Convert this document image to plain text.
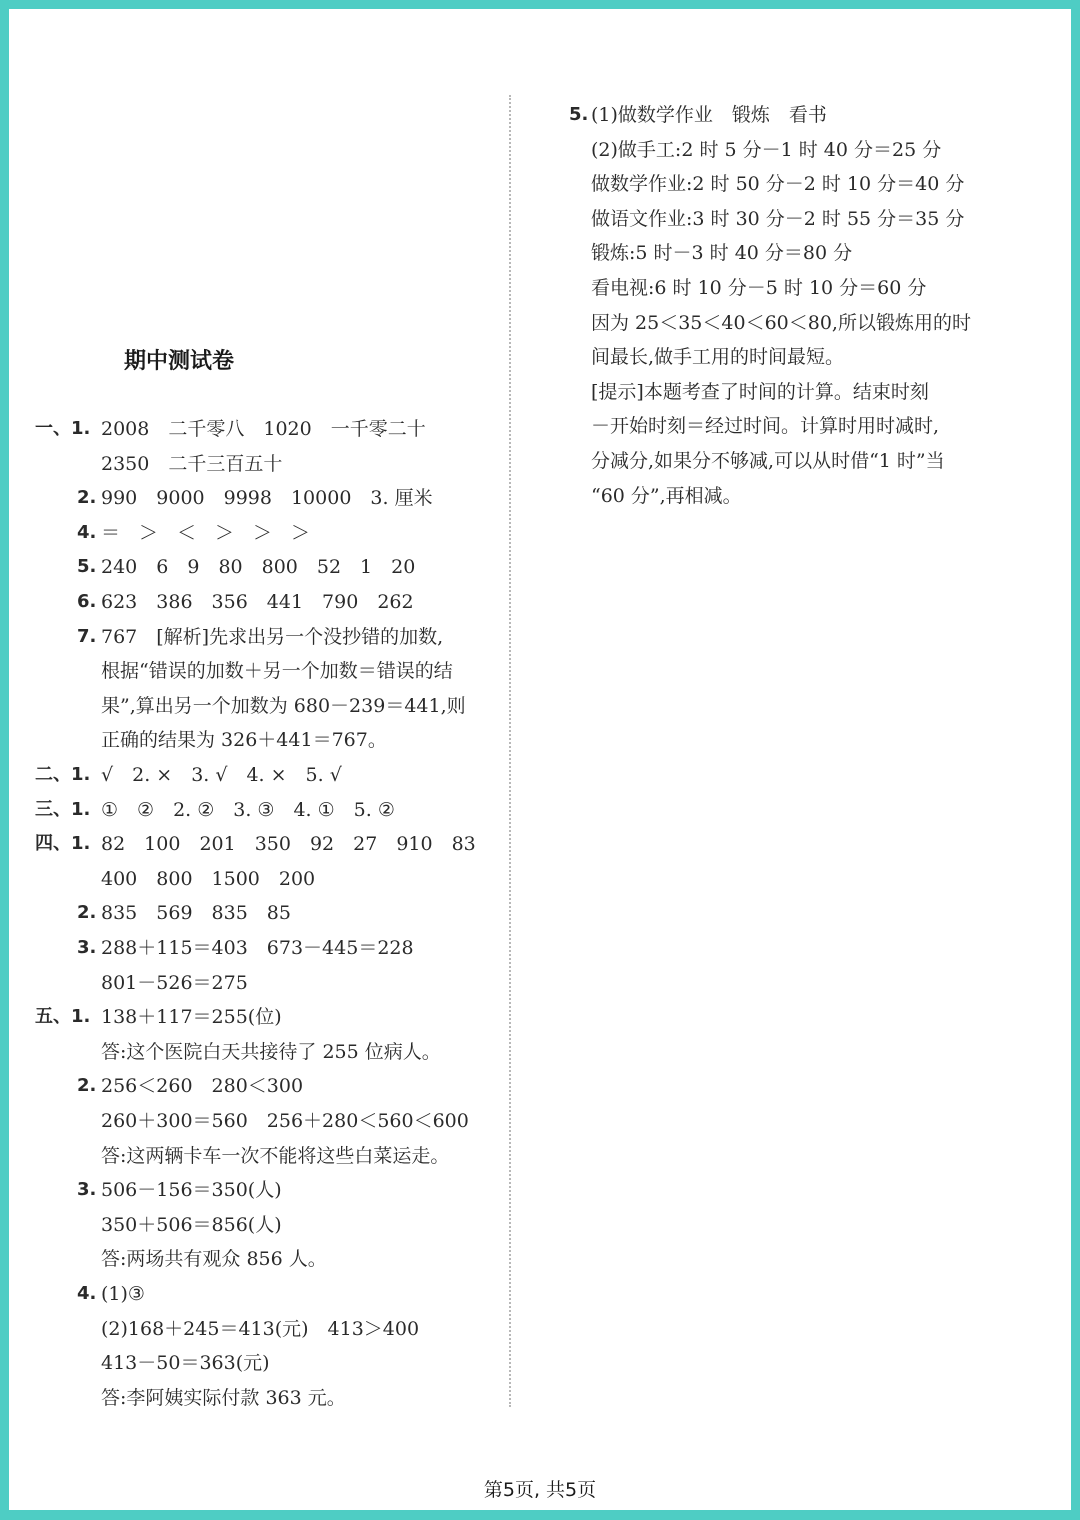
期中测试卷
一、1. 2008　二千零八　1020　一千零二十
2350　二千三百五十
2. 990　9000　9998　10000　3. 厘米
4. ＝　＞　＜　＞　＞　＞
5. 240　6　9　80　800　52　1　20
6. 623　386　356　441　790　262
7. 767　[解析]先求出另一个没抄错的加数,
根据“错误的加数＋另一个加数＝错误的结
果”,算出另一个加数为 680－239＝441,则
正确的结果为 326＋441＝767。
二、1. √　2. ×　3. √　4. ×　5. √
三、1. ①　②　2. ②　3. ③　4. ①　5. ②
四、1. 82　100　201　350　92　27　910　83
400　800　1500　200
2. 835　569　835　85
3. 288＋115＝403　673－445＝228
801－526＝275
五、1. 138＋117＝255(位)
答:这个医院白天共接待了 255 位病人。
2. 256＜260　280＜300
260＋300＝560　256＋280＜560＜600
答:这两辆卡车一次不能将这些白菜运走。
3. 506－156＝350(人)
350＋506＝856(人)
答:两场共有观众 856 人。
4. (1)③
(2)168＋245＝413(元)　413＞400
413－50＝363(元)
答:李阿姨实际付款 363 元。
5. (1)做数学作业　锻炼　看书
(2)做手工:2 时 5 分－1 时 40 分＝25 分
做数学作业:2 时 50 分－2 时 10 分＝40 分
做语文作业:3 时 30 分－2 时 55 分＝35 分
锻炼:5 时－3 时 40 分＝80 分
看电视:6 时 10 分－5 时 10 分＝60 分
因为 25＜35＜40＜60＜80,所以锻炼用的时
间最长,做手工用的时间最短。
[提示]本题考查了时间的计算。结束时刻
－开始时刻＝经过时间。计算时用时减时,
分减分,如果分不够减,可以从时借“1 时”当
“60 分”,再相减。
第5页, 共5页
